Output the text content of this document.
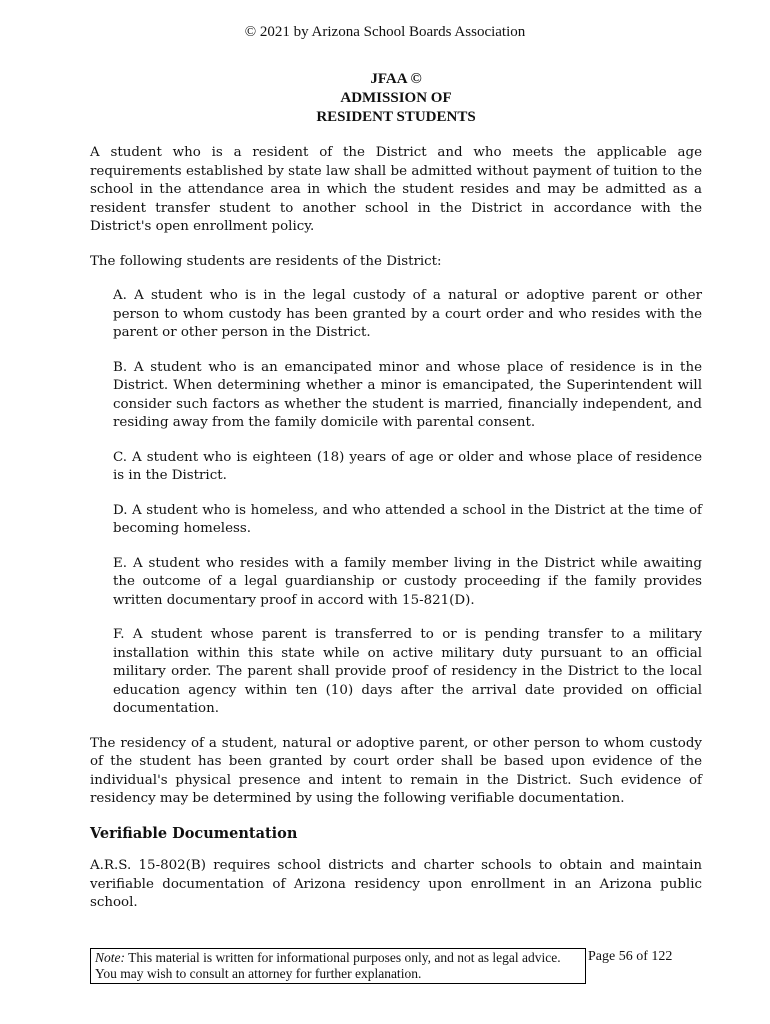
© 2021 by Arizona School Boards Association
JFAA ©
ADMISSION OF
RESIDENT STUDENTS

A student who is a resident of the District and who meets the applicable age requirements established by state law shall be admitted without payment of tuition to the school in the attendance area in which the student resides and may be admitted as a resident transfer student to another school in the District in accordance with the District's open enrollment policy.

The following students are residents of the District:

A. A student who is in the legal custody of a natural or adoptive parent or other person to whom custody has been granted by a court order and who resides with the parent or other person in the District.

B. A student who is an emancipated minor and whose place of residence is in the District. When determining whether a minor is emancipated, the Superintendent will consider such factors as whether the student is married, financially independent, and residing away from the family domicile with parental consent.

C. A student who is eighteen (18) years of age or older and whose place of residence is in the District.

D. A student who is homeless, and who attended a school in the District at the time of becoming homeless.

E. A student who resides with a family member living in the District while awaiting the outcome of a legal guardianship or custody proceeding if the family provides written documentary proof in accord with 15-821(D).

F. A student whose parent is transferred to or is pending transfer to a military installation within this state while on active military duty pursuant to an official military order. The parent shall provide proof of residency in the District to the local education agency within ten (10) days after the arrival date provided on official documentation.

The residency of a student, natural or adoptive parent, or other person to whom custody of the student has been granted by court order shall be based upon evidence of the individual's physical presence and intent to remain in the District. Such evidence of residency may be determined by using the following verifiable documentation.

Verifiable Documentation

A.R.S. 15-802(B) requires school districts and charter schools to obtain and maintain verifiable documentation of Arizona residency upon enrollment in an Arizona public school.

Note: This material is written for informational purposes only, and not as legal advice. You may wish to consult an attorney for further explanation.
Page 56 of 122
